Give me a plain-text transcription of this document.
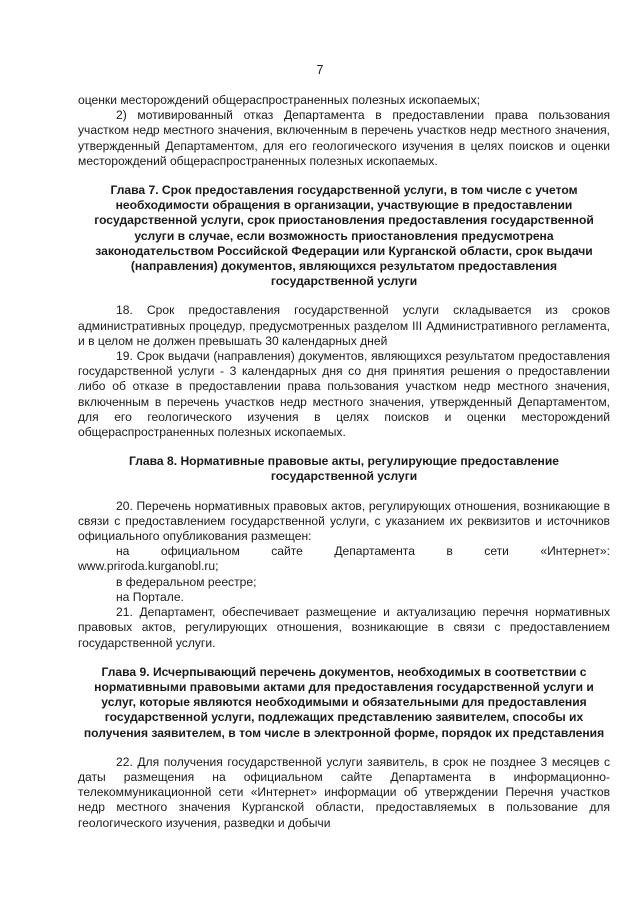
7

оценки месторождений общераспространенных полезных ископаемых;

2) мотивированный отказ Департамента в предоставлении права пользования участком недр местного значения, включенным в перечень участков недр местного значения, утвержденный Департаментом, для его геологического изучения в целях поисков и оценки месторождений общераспространенных полезных ископаемых.

Глава 7. Срок предоставления государственной услуги, в том числе с учетом необходимости обращения в организации, участвующие в предоставлении государственной услуги, срок приостановления предоставления государственной услуги в случае, если возможность приостановления предусмотрена законодательством Российской Федерации или Курганской области, срок выдачи (направления) документов, являющихся результатом предоставления государственной услуги

18. Срок предоставления государственной услуги складывается из сроков административных процедур, предусмотренных разделом III Административного регламента, и в целом не должен превышать 30 календарных дней

19. Срок выдачи (направления) документов, являющихся результатом предоставления государственной услуги - 3 календарных дня со дня принятия решения о предоставлении либо об отказе в предоставлении права пользования участком недр местного значения, включенным в перечень участков недр местного значения, утвержденный Департаментом, для его геологического изучения в целях поисков и оценки месторождений общераспространенных полезных ископаемых.

Глава 8. Нормативные правовые акты, регулирующие предоставление государственной услуги

20. Перечень нормативных правовых актов, регулирующих отношения, возникающие в связи с предоставлением государственной услуги, с указанием их реквизитов и источников официального опубликования размещен:

на	официальном	сайте	Департамента	в	сети	«Интернет»:

www.priroda.kurganobl.ru;

в федеральном реестре;

на Портале.

21. Департамент, обеспечивает размещение и актуализацию перечня нормативных правовых актов, регулирующих отношения, возникающие в связи с предоставлением государственной услуги.

Глава 9. Исчерпывающий перечень документов, необходимых в соответствии с нормативными правовыми актами для предоставления государственной услуги и услуг, которые являются необходимыми и обязательными для предоставления государственной услуги, подлежащих представлению заявителем, способы их получения заявителем, в том числе в электронной форме, порядок их представления

22. Для получения государственной услуги заявитель, в срок не позднее 3 месяцев с даты размещения на официальном сайте Департамента в информационно-телекоммуникационной сети «Интернет» информации об утверждении Перечня участков недр местного значения Курганской области, предоставляемых в пользование для геологического изучения, разведки и добычи
